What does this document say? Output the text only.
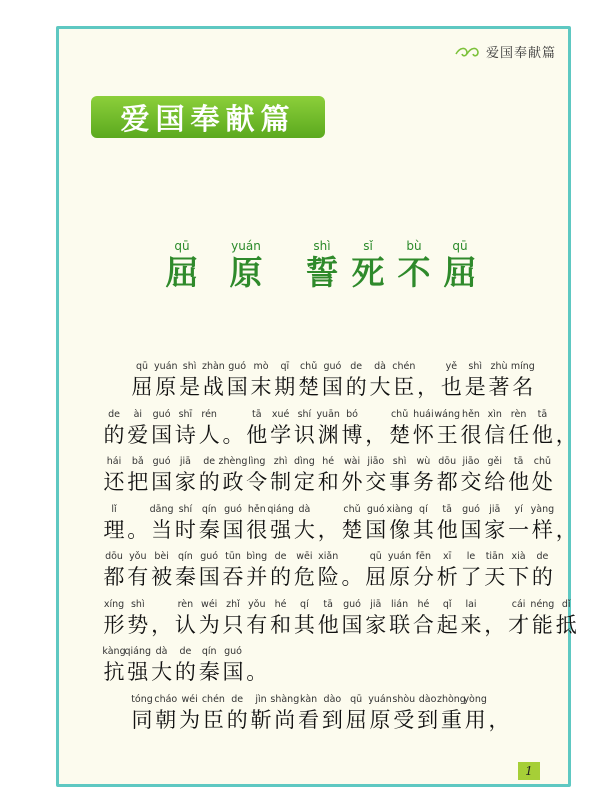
爱国奉献篇
爱国奉献篇
qū
屈
yuán
原
shì
誓
sǐ
死
bù
不
qū
屈
qū
屈
yuán
原
shì
是
zhàn
战
guó
国
mò
末
qī
期
chǔ
楚
guó
国
de
的
dà
大
chén
臣 ，
yě
也
shì
是
zhù
著
míng
名
de
的
ài
爱
guó
国
shī
诗
rén
人 。
tā
他
xué
学
shí
识
yuān
渊
bó
博 ，
chǔ
楚
huái
怀
wáng
王
hěn
很
xìn
信
rèn
任
tā
他 ，
hái
还
bǎ
把
guó
国
jiā
家
de
的
zhèng
政
lìng
令
zhì
制
dìng
定
hé
和
wài
外
jiāo
交
shì
事
wù
务
dōu
都
jiāo
交
gěi
给
tā
他
chǔ
处
lǐ
理 。
dāng
当
shí
时
qín
秦
guó
国
hěn
很
qiáng
强
dà
大 ，
chǔ
楚
guó
国
xiàng
像
qí
其
tā
他
guó
国
jiā
家
yí
一
yàng
样 ，
dōu
都
yǒu
有
bèi
被
qín
秦
guó
国
tūn
吞
bìng
并
de
的
wēi
危
xiǎn
险 。
qū
屈
yuán
原
fēn
分
xī
析
le
了
tiān
天
xià
下
de
的
xíng
形
shì
势 ，
rèn
认
wéi
为
zhǐ
只
yǒu
有
hé
和
qí
其
tā
他
guó
国
jiā
家
lián
联
hé
合
qǐ
起
lai
来 ，
cái
才
néng
能
dǐ
抵
kàng
抗
qiáng
强
dà
大
de
的
qín
秦
guó
国 。
tóng
同
cháo
朝
wéi
为
chén
臣
de
的
jìn
靳
shàng
尚
kàn
看
dào
到
qū
屈
yuán
原
shòu
受
dào
到
zhòng
重
yòng
用 ，
1
